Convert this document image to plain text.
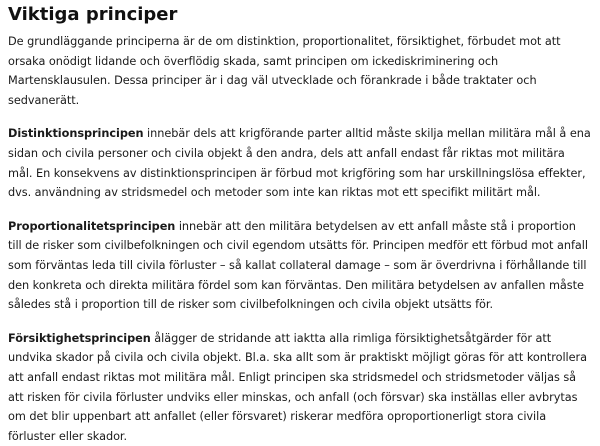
Viktiga principer

De grundläggande principerna är de om distinktion, proportionalitet, försiktighet, förbudet mot att orsaka onödigt lidande och överflödig skada, samt principen om ickediskriminering och Martensklausulen. Dessa principer är i dag väl utvecklade och förankrade i både traktater och sedvanerätt.

Distinktionsprincipen innebär dels att krigförande parter alltid måste skilja mellan militära mål å ena sidan och civila personer och civila objekt å den andra, dels att anfall endast får riktas mot militära mål. En konsekvens av distinktionsprincipen är förbud mot krigföring som har urskillningslösa effekter, dvs. användning av stridsmedel och metoder som inte kan riktas mot ett specifikt militärt mål.

Proportionalitetsprincipen innebär att den militära betydelsen av ett anfall måste stå i proportion till de risker som civilbefolkningen och civil egendom utsätts för. Principen medför ett förbud mot anfall som förväntas leda till civila förluster – så kallat collateral damage – som är överdrivna i förhållande till den konkreta och direkta militära fördel som kan förväntas. Den militära betydelsen av anfallen måste således stå i proportion till de risker som civilbefolkningen och civila objekt utsätts för.

Försiktighetsprincipen ålägger de stridande att iaktta alla rimliga försiktighetsåtgärder för att undvika skador på civila och civila objekt. Bl.a. ska allt som är praktiskt möjligt göras för att kontrollera att anfall endast riktas mot militära mål. Enligt principen ska stridsmedel och stridsmetoder väljas så att risken för civila förluster undviks eller minskas, och anfall (och försvar) ska inställas eller avbrytas om det blir uppenbart att anfallet (eller försvaret) riskerar medföra oproportionerligt stora civila förluster eller skador.
